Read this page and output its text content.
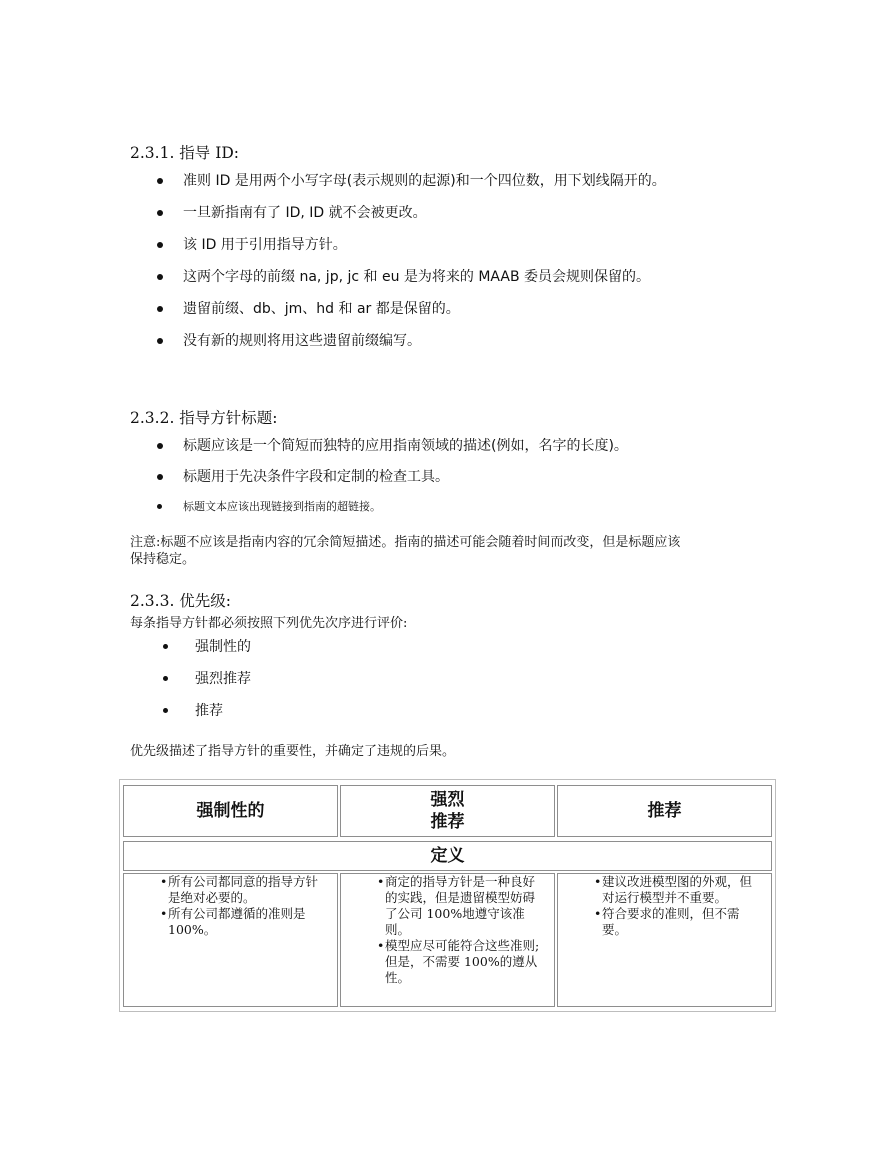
2.3.1. 指导 ID:
准则 ID 是用两个小写字母(表示规则的起源)和一个四位数，用下划线隔开的。
一旦新指南有了 ID, ID 就不会被更改。
该 ID 用于引用指导方针。
这两个字母的前缀 na, jp, jc 和 eu 是为将来的 MAAB 委员会规则保留的。
遗留前缀、db、jm、hd 和 ar 都是保留的。
没有新的规则将用这些遗留前缀编写。
2.3.2. 指导方针标题:
标题应该是一个简短而独特的应用指南领域的描述(例如，名字的长度)。
标题用于先决条件字段和定制的检查工具。
标题文本应该出现链接到指南的超链接。
注意:标题不应该是指南内容的冗余简短描述。指南的描述可能会随着时间而改变，但是标题应该
保持稳定。
2.3.3. 优先级:
每条指导方针都必须按照下列优先次序进行评价:
强制性的
强烈推荐
推荐
优先级描述了指导方针的重要性，并确定了违规的后果。
强制性的
强烈
推荐
推荐
定义
• 所有公司都同意的指导方针是绝对必要的。
• 所有公司都遵循的准则是 100%。
• 商定的指导方针是一种良好的实践，但是遗留模型妨碍了公司 100%地遵守该准则。
• 模型应尽可能符合这些准则;但是，不需要 100%的遵从性。
• 建议改进模型图的外观，但对运行模型并不重要。
• 符合要求的准则，但不需要。
